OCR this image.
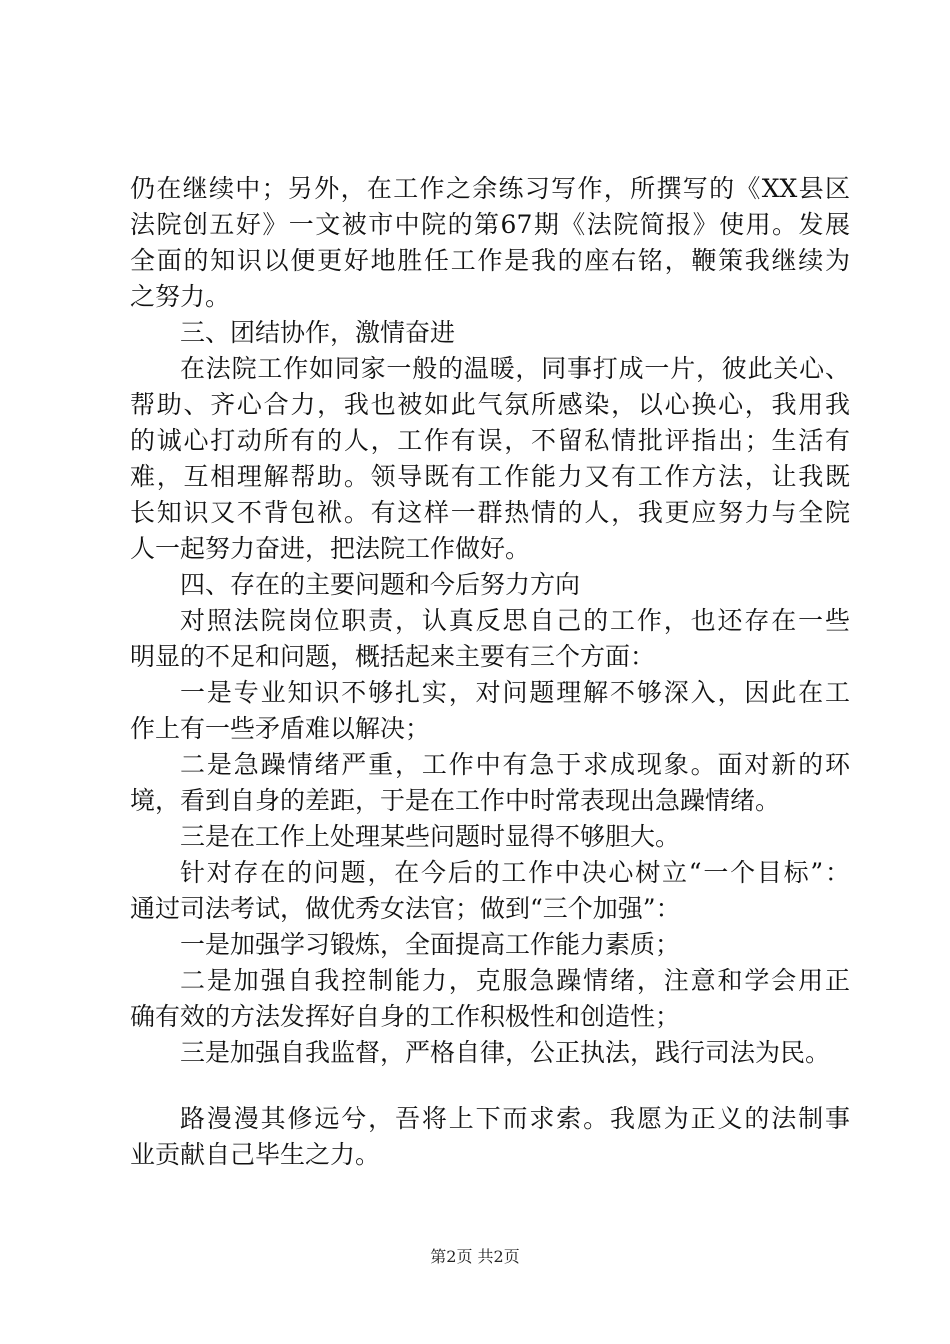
仍在继续中；另外，在工作之余练习写作，所撰写的《XX县区
法院创五好》一文被市中院的第67期《法院简报》使用。发展
全面的知识以便更好地胜任工作是我的座右铭，鞭策我继续为
之努力。
三、团结协作，激情奋进
在法院工作如同家一般的温暖，同事打成一片，彼此关心、
帮助、齐心合力，我也被如此气氛所感染，以心换心，我用我
的诚心打动所有的人，工作有误，不留私情批评指出；生活有
难，互相理解帮助。领导既有工作能力又有工作方法，让我既
长知识又不背包袱。有这样一群热情的人，我更应努力与全院
人一起努力奋进，把法院工作做好。
四、存在的主要问题和今后努力方向
对照法院岗位职责，认真反思自己的工作，也还存在一些
明显的不足和问题，概括起来主要有三个方面：
一是专业知识不够扎实，对问题理解不够深入，因此在工
作上有一些矛盾难以解决；
二是急躁情绪严重，工作中有急于求成现象。面对新的环
境，看到自身的差距，于是在工作中时常表现出急躁情绪。
三是在工作上处理某些问题时显得不够胆大。
针对存在的问题，在今后的工作中决心树立“一个目标”：
通过司法考试，做优秀女法官；做到“三个加强”：
一是加强学习锻炼，全面提高工作能力素质；
二是加强自我控制能力，克服急躁情绪，注意和学会用正
确有效的方法发挥好自身的工作积极性和创造性；
三是加强自我监督，严格自律，公正执法，践行司法为民。
路漫漫其修远兮，吾将上下而求索。我愿为正义的法制事
业贡献自己毕生之力。
第2页 共2页
